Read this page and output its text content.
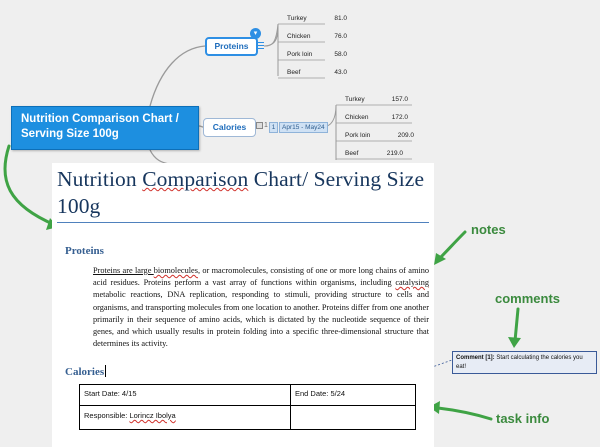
Nutrition Comparison Chart / Serving Size 100g
Proteins
▾
Calories	1 1	Apr15 - May24
Turkey	81.0
Chicken	76.0
Pork loin	58.0
Beef	43.0
Turkey	157.0
Chicken	172.0
Pork loin	209.0
Beef	219.0
Nutrition Comparison Chart/ Serving Size 100g
Proteins
Proteins are large biomolecules, or macromolecules, consisting of one or more long chains of amino acid residues. Proteins perform a vast array of functions within organisms, including catalysing metabolic reactions, DNA replication, responding to stimuli, providing structure to cells and organisms, and transporting molecules from one location to another. Proteins differ from one another primarily in their sequence of amino acids, which is dictated by the nucleotide sequence of their genes, and which usually results in protein folding into a specific three-dimensional structure that determines its activity.
Calories
Start Date: 4/15	End Date: 5/24
Responsible: Lorincz Ibolya
Comment [1]: Start calculating the calories you eat!
notes
comments
task info
